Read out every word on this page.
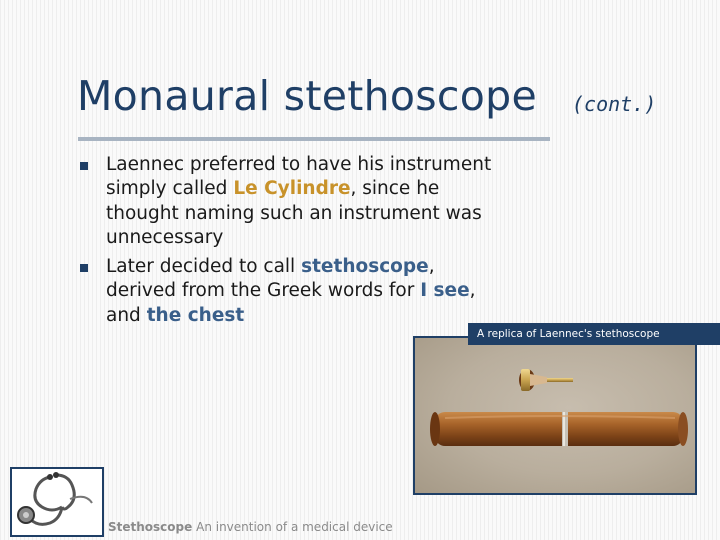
Monaural stethoscope (cont.)
Laennec preferred to have his instrument simply called Le Cylindre, since he thought naming such an instrument was unnecessary
Later decided to call stethoscope, derived from the Greek words for I see, and the chest
A replica of Laennec's stethoscope
Stethoscope An invention of a medical device
